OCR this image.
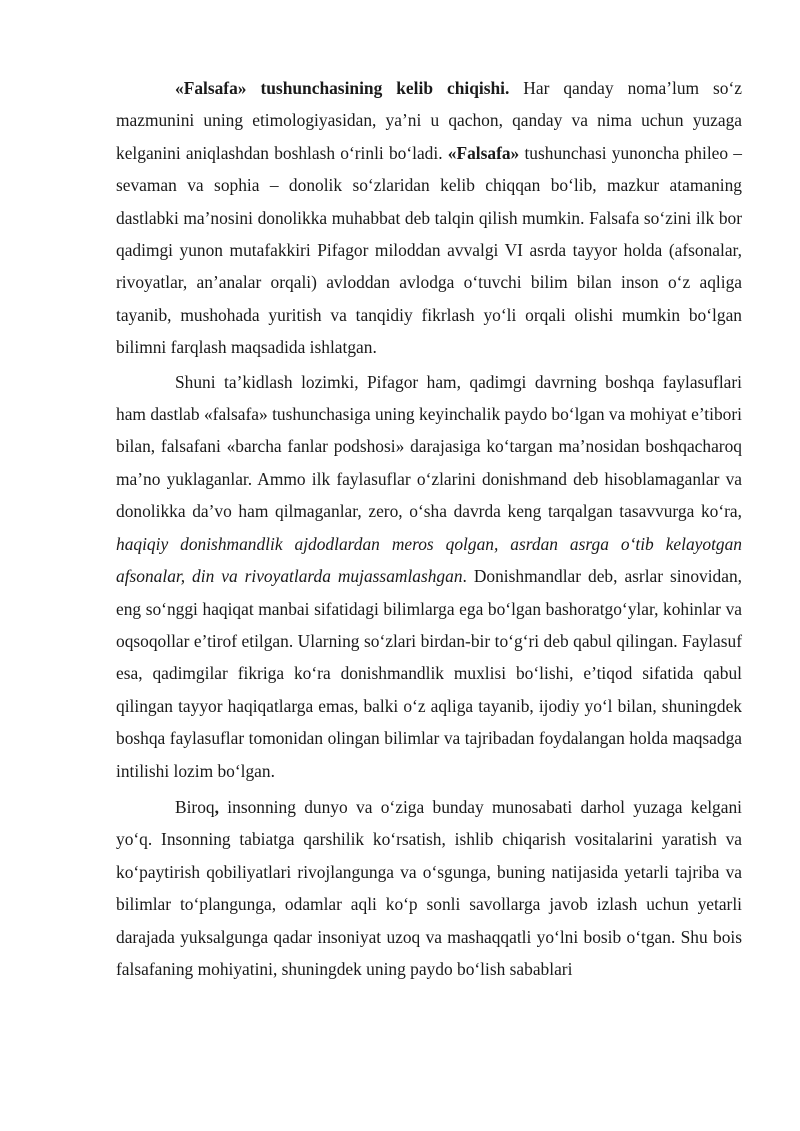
«Falsafa» tushunchasining kelib chiqishi. Har qanday noma’lum so‘z mazmunini uning etimologiyasidan, ya’ni u qachon, qanday va nima uchun yuzaga kelganini aniqlashdan boshlash o‘rinli bo‘ladi. «Falsafa» tushunchasi yunoncha phileo – sevaman va sophia – donolik so‘zlaridan kelib chiqqan bo‘lib, mazkur atamaning dastlabki ma’nosini donolikka muhabbat deb talqin qilish mumkin. Falsafa so‘zini ilk bor qadimgi yunon mutafakkiri Pifagor miloddan avvalgi VI asrda tayyor holda (afsonalar, rivoyatlar, an’analar orqali) avloddan avlodga o‘tuvchi bilim bilan inson o‘z aqliga tayanib, mushohada yuritish va tanqidiy fikrlash yo‘li orqali olishi mumkin bo‘lgan bilimni farqlash maqsadida ishlatgan.

Shuni ta’kidlash lozimki, Pifagor ham, qadimgi davrning boshqa faylasuflari ham dastlab «falsafa» tushunchasiga uning keyinchalik paydo bo‘lgan va mohiyat e’tibori bilan, falsafani «barcha fanlar podshosi» darajasiga ko‘targan ma’nosidan boshqacharoq ma’no yuklaganlar. Ammo ilk faylasuflar o‘zlarini donishmand deb hisoblamaganlar va donolikka da’vo ham qilmaganlar, zero, o‘sha davrda keng tarqalgan tasavvurga ko‘ra, haqiqiy donishmandlik ajdodlardan meros qolgan, asrdan asrga o‘tib kelayotgan afsonalar, din va rivoyatlarda mujassamlashgan. Donishmandlar deb, asrlar sinovidan, eng so‘nggi haqiqat manbai sifatidagi bilimlarga ega bo‘lgan bashoratgo‘ylar, kohinlar va oqsoqollar e’tirof etilgan. Ularning so‘zlari birdan-bir to‘g‘ri deb qabul qilingan. Faylasuf esa, qadimgilar fikriga ko‘ra donishmandlik muxlisi bo‘lishi, e’tiqod sifatida qabul qilingan tayyor haqiqatlarga emas, balki o‘z aqliga tayanib, ijodiy yo‘l bilan, shuningdek boshqa faylasuflar tomonidan olingan bilimlar va tajribadan foydalangan holda maqsadga intilishi lozim bo‘lgan.

Biroq, insonning dunyo va o‘ziga bunday munosabati darhol yuzaga kelgani yo‘q. Insonning tabiatga qarshilik ko‘rsatish, ishlib chiqarish vositalarini yaratish va ko‘paytirish qobiliyatlari rivojlangunga va o‘sgunga, buning natijasida yetarli tajriba va bilimlar to‘plangunga, odamlar aqli ko‘p sonli savollarga javob izlash uchun yetarli darajada yuksalgunga qadar insoniyat uzoq va mashaqqatli yo‘lni bosib o‘tgan. Shu bois falsafaning mohiyatini, shuningdek uning paydo bo‘lish sabablari
